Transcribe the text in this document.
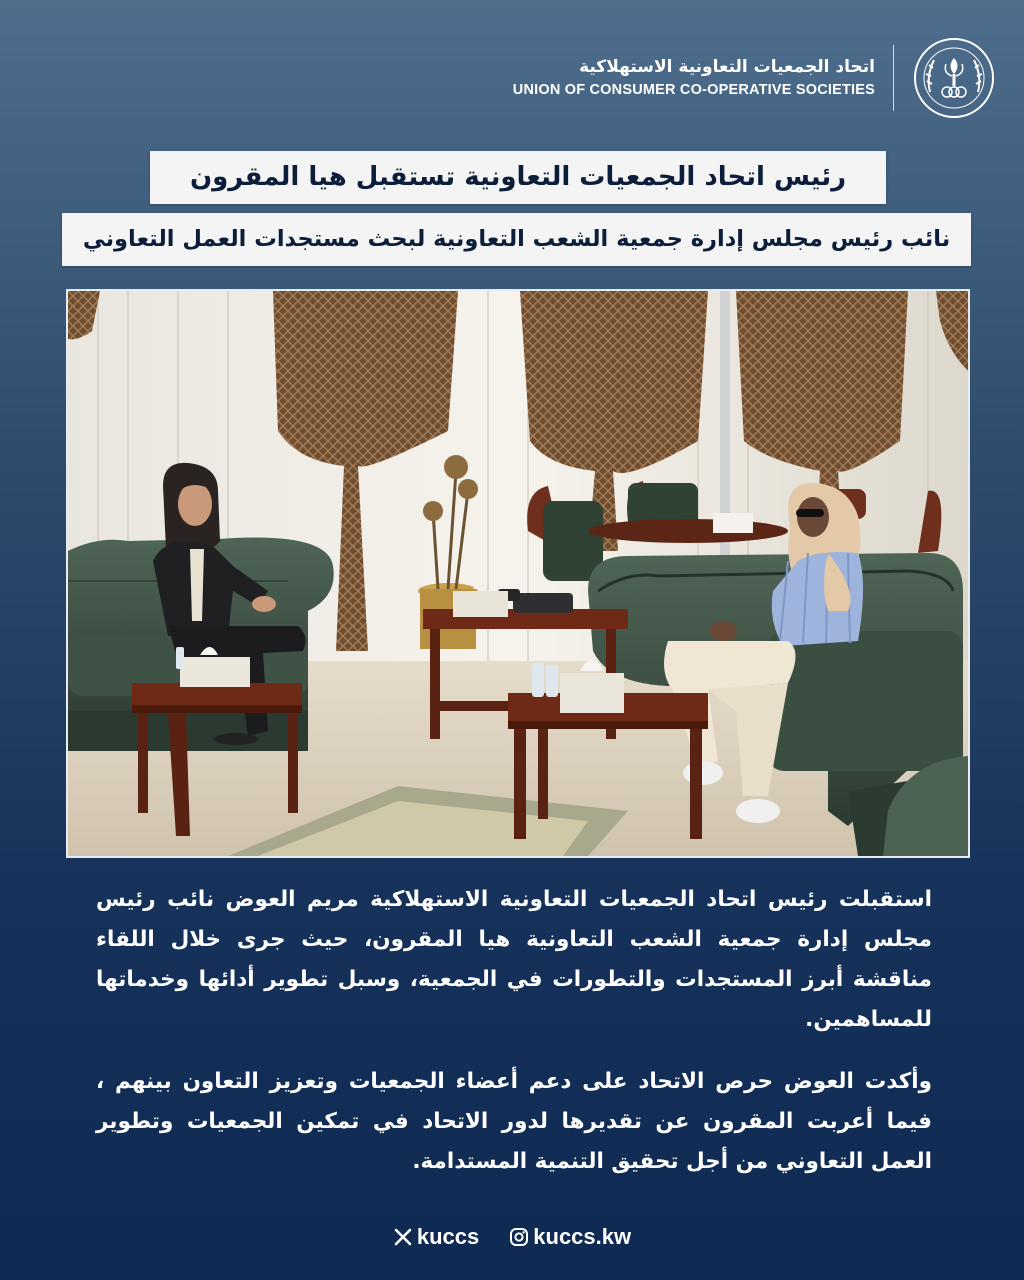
اتحاد الجمعيات التعاونية الاستهلاكية
UNION OF CONSUMER CO-OPERATIVE SOCIETIES
رئيس اتحاد الجمعيات التعاونية تستقبل هيا المقرون
نائب رئيس مجلس إدارة جمعية الشعب التعاونية لبحث مستجدات العمل التعاوني
استقبلت رئيس اتحاد الجمعيات التعاونية الاستهلاكية مريم العوض نائب رئيس مجلس إدارة جمعية الشعب التعاونية هيا المقرون، حيث جرى خلال اللقاء مناقشة أبرز المستجدات والتطورات في الجمعية، وسبل تطوير أدائها وخدماتها للمساهمين.
وأكدت العوض حرص الاتحاد على دعم أعضاء الجمعيات وتعزيز التعاون بينهم ، فيما أعربت المقرون عن تقديرها لدور الاتحاد في تمكين الجمعيات وتطوير العمل التعاوني من أجل تحقيق التنمية المستدامة.
kuccs kuccs.kw
